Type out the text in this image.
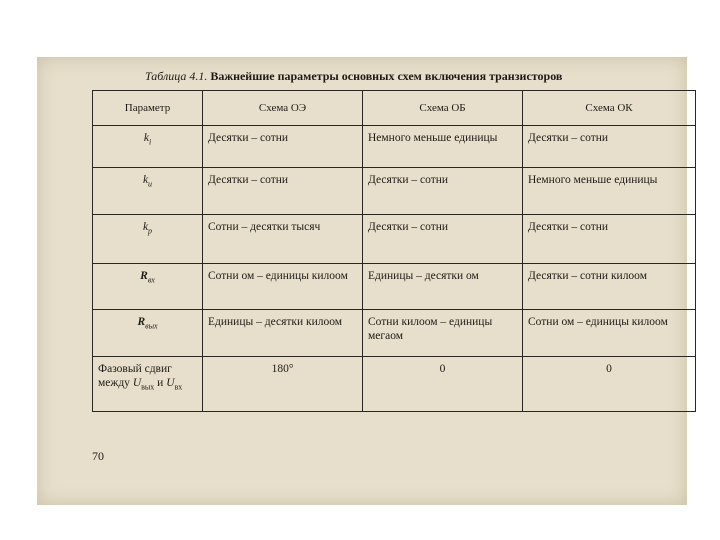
Таблица 4.1. Важнейшие параметры основных схем включения транзисторов
Параметр	Схема ОЭ	Схема ОБ	Схема ОК
$k_i$	Десятки – сотни	Немного меньше единицы	Десятки – сотни
$k_u$	Десятки – сотни	Десятки – сотни	Немного меньше единицы
$k_p$	Сотни – десятки тысяч	Десятки – сотни	Десятки – сотни
$R_{вх}$	Сотни ом – единицы килоом	Единицы – десятки ом	Десятки – сотни килоом
$R_{вых}$	Единицы – десятки килоом	Сотни килоом – единицы мегаом	Сотни ом – единицы килоом
Фазовый сдвиг между $U_{вых}$ и $U_{вх}$	180°	0	0
70
